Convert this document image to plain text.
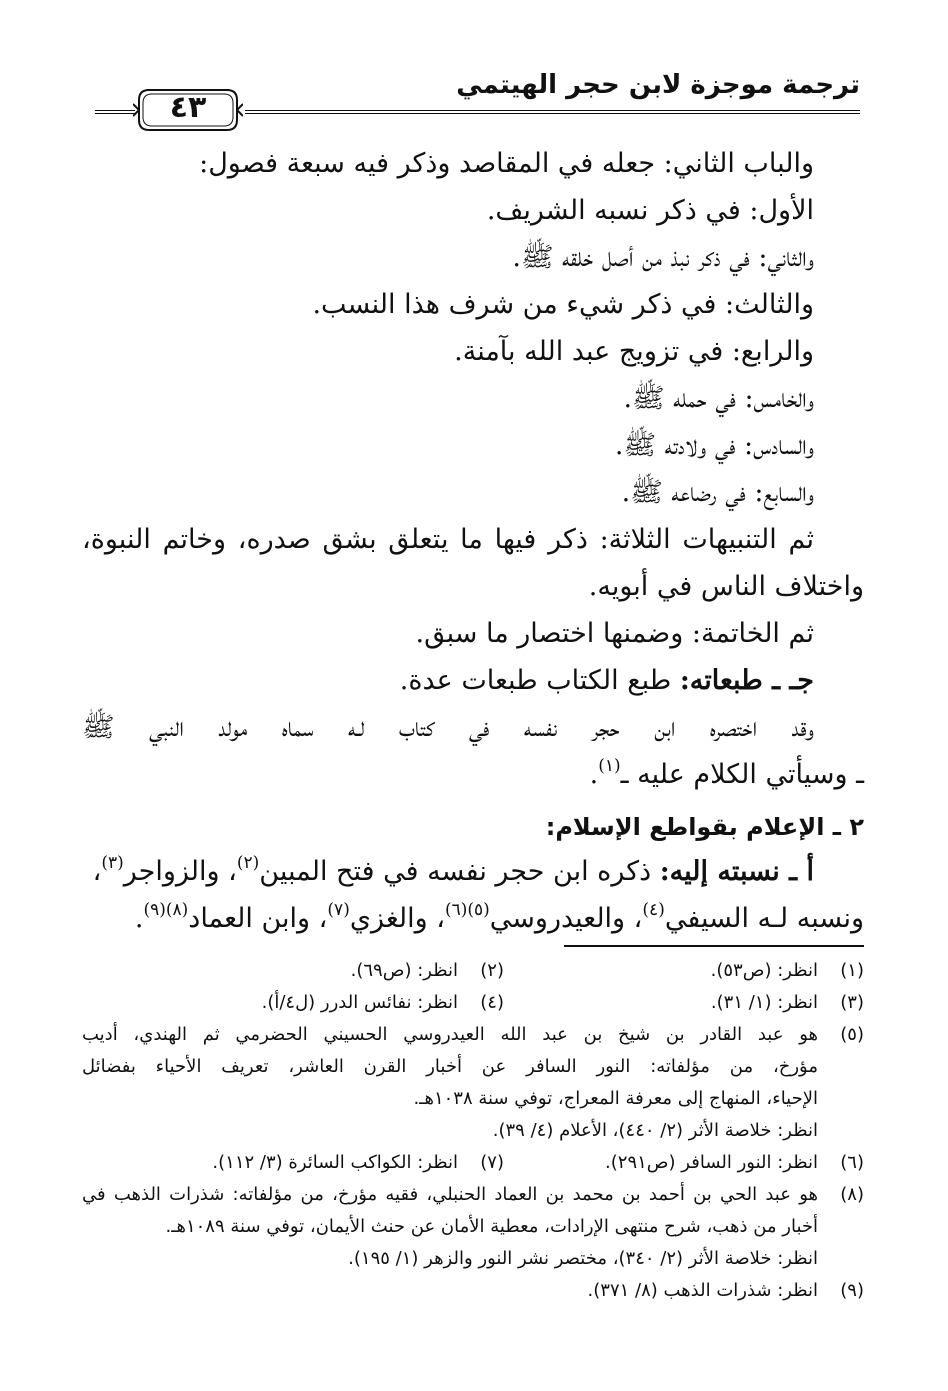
ترجمة موجزة لابن حجر الهيتمي
٤٣
والباب الثاني: جعله في المقاصد وذكر فيه سبعة فصول:
الأول: في ذكر نسبه الشريف.
والثاني: في ذكر نبذ من أصل خلقه ﷺ.
والثالث: في ذكر شيء من شرف هذا النسب.
والرابع: في تزويج عبد الله بآمنة.
والخامس: في حمله ﷺ.
والسادس: في ولادته ﷺ.
والسابع: في رضاعه ﷺ.
ثم التنبيهات الثلاثة: ذكر فيها ما يتعلق بشق صدره، وخاتم النبوة،
واختلاف الناس في أبويه.
ثم الخاتمة: وضمنها اختصار ما سبق.
جـ ـ طبعاته: طبع الكتاب طبعات عدة.
وقد اختصره ابن حجر نفسه في كتاب لـه سماه مولد النبي ﷺ
ـ وسيأتي الكلام عليه ـ$^{(١)}$.
٢ ـ الإعلام بقواطع الإسلام:
أ ـ نسبته إليه: ذكره ابن حجر نفسه في فتح المبين$^{(٢)}$، والزواجر$^{(٣)}$،
ونسبه لـه السيفي$^{(٤)}$، والعيدروسي$^{(٥)(٦)}$، والغزي$^{(٧)}$، وابن العماد$^{(٨)(٩)}$.
(١)
انظر: (ص٥٣).
(٢)
انظر: (ص٦٩).
(٣)
انظر: (١/ ٣١).
(٤)
انظر: نفائس الدرر (ل٤/أ).
(٥)
هو عبد القادر بن شيخ بن عبد الله العيدروسي الحسيني الحضرمي ثم الهندي، أديب
مؤرخ، من مؤلفاته: النور السافر عن أخبار القرن العاشر، تعريف الأحياء بفضائل
الإحياء، المنهاج إلى معرفة المعراج، توفي سنة ١٠٣٨هـ.
انظر: خلاصة الأثر (٢/ ٤٤٠)، الأعلام (٤/ ٣٩).
(٦)
انظر: النور السافر (ص٢٩١).
(٧)
انظر: الكواكب السائرة (٣/ ١١٢).
(٨)
هو عبد الحي بن أحمد بن محمد بن العماد الحنبلي، فقيه مؤرخ، من مؤلفاته: شذرات الذهب في
أخبار من ذهب، شرح منتهى الإرادات، معطية الأمان عن حنث الأيمان، توفي سنة ١٠٨٩هـ.
انظر: خلاصة الأثر (٢/ ٣٤٠)، مختصر نشر النور والزهر (١/ ١٩٥).
(٩)
انظر: شذرات الذهب (٨/ ٣٧١).
